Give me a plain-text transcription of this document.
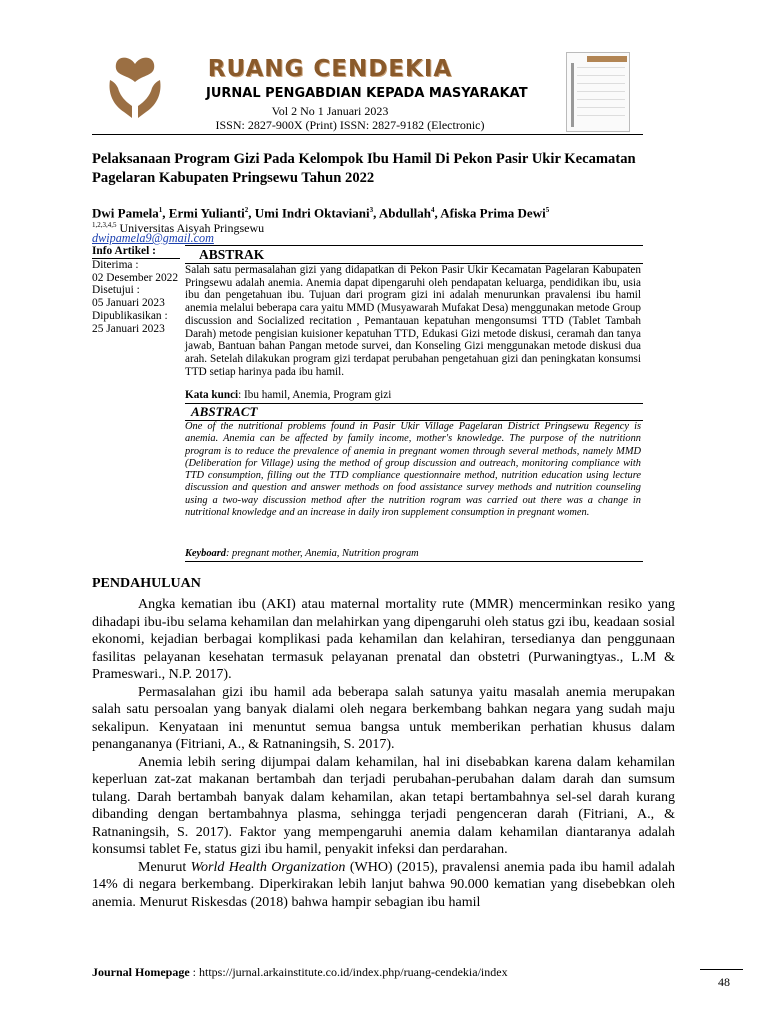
RUANG CENDEKIA
JURNAL PENGABDIAN KEPADA MASYARAKAT
Vol 2 No 1 Januari 2023
ISSN: 2827-900X (Print) ISSN: 2827-9182 (Electronic)
Pelaksanaan Program Gizi Pada Kelompok Ibu Hamil Di Pekon Pasir Ukir Kecamatan Pagelaran Kabupaten Pringsewu Tahun 2022
Dwi Pamela$^1$, Ermi Yulianti$^2$, Umi Indri Oktaviani$^3$, Abdullah$^4$, Afiska Prima Dewi$^5$
$^{1,2,3,4,5}$ Universitas Aisyah Pringsewu
dwipamela9@gmail.com
Info Artikel :
Diterima :
02 Desember 2022
Disetujui :
05 Januari 2023
Dipublikasikan :
25 Januari 2023
ABSTRAK
Salah satu permasalahan gizi yang didapatkan di Pekon Pasir Ukir Kecamatan Pagelaran Kabupaten Pringsewu adalah anemia. Anemia dapat dipengaruhi oleh pendapatan keluarga, pendidikan ibu, usia ibu dan pengetahuan ibu. Tujuan dari program gizi ini adalah menurunkan pravalensi ibu hamil anemia melalui beberapa cara yaitu MMD (Musyawarah Mufakat Desa) menggunakan metode Group discussion and Socialized recitation , Pemantauan kepatuhan mengonsumsi TTD (Tablet Tambah Darah) metode pengisian kuisioner kepatuhan TTD, Edukasi Gizi metode diskusi, ceramah dan tanya jawab, Bantuan bahan Pangan metode survei, dan Konseling Gizi menggunakan metode diskusi dua arah. Setelah dilakukan program gizi terdapat perubahan pengetahuan gizi dan peningkatan konsumsi TTD setiap harinya pada ibu hamil.
Kata kunci: Ibu hamil, Anemia, Program gizi
ABSTRACT
One of the nutritional problems found in Pasir Ukir Village Pagelaran District Pringsewu Regency is anemia. Anemia can be affected by family income, mother's knowledge. The purpose of the nutritionn program is to reduce the prevalence of anemia in pregnant women through several methods, namely MMD (Deliberation for Village) using the method of group discussion and outreach, monitoring compliance with TTD consumption, filling out the TTD compliance questionnaire method, nutrition education using lecture discussion and question and answer methods on food assistance survey methods and nutrition counseling using a two-way discussion method after the nutrition rogram was carried out there was a change in nutritional knowledge and an increase in daily iron supplement consumption in pregnant women.
Keyboard: pregnant mother, Anemia, Nutrition program
PENDAHULUAN

Angka kematian ibu (AKI) atau maternal mortality rute (MMR) mencerminkan resiko yang dihadapi ibu-ibu selama kehamilan dan melahirkan yang dipengaruhi oleh status gzi ibu, keadaan sosial ekonomi, kejadian berbagai komplikasi pada kehamilan dan kelahiran, tersedianya dan penggunaan fasilitas pelayanan kesehatan termasuk pelayanan prenatal dan obstetri (Purwaningtyas., L.M & Prameswari., N.P. 2017).

Permasalahan gizi ibu hamil ada beberapa salah satunya yaitu masalah anemia merupakan salah satu persoalan yang banyak dialami oleh negara berkembang bahkan negara yang sudah maju sekalipun. Kenyataan ini menuntut semua bangsa untuk memberikan perhatian khusus dalam penangananya (Fitriani, A., & Ratnaningsih, S. 2017).

Anemia lebih sering dijumpai dalam kehamilan, hal ini disebabkan karena dalam kehamilan keperluan zat-zat makanan bertambah dan terjadi perubahan-perubahan dalam darah dan sumsum tulang. Darah bertambah banyak dalam kehamilan, akan tetapi bertambahnya sel-sel darah kurang dibanding dengan bertambahnya plasma, sehingga terjadi pengenceran darah (Fitriani, A., & Ratnaningsih, S. 2017). Faktor yang mempengaruhi anemia dalam kehamilan diantaranya adalah konsumsi tablet Fe, status gizi ibu hamil, penyakit infeksi dan perdarahan.

Menurut World Health Organization (WHO) (2015), pravalensi anemia pada ibu hamil adalah 14% di negara berkembang. Diperkirakan lebih lanjut bahwa 90.000 kematian yang disebebkan oleh anemia. Menurut Riskesdas (2018) bahwa hampir sebagian ibu hamil

Journal Homepage : https://jurnal.arkainstitute.co.id/index.php/ruang-cendekia/index
48
